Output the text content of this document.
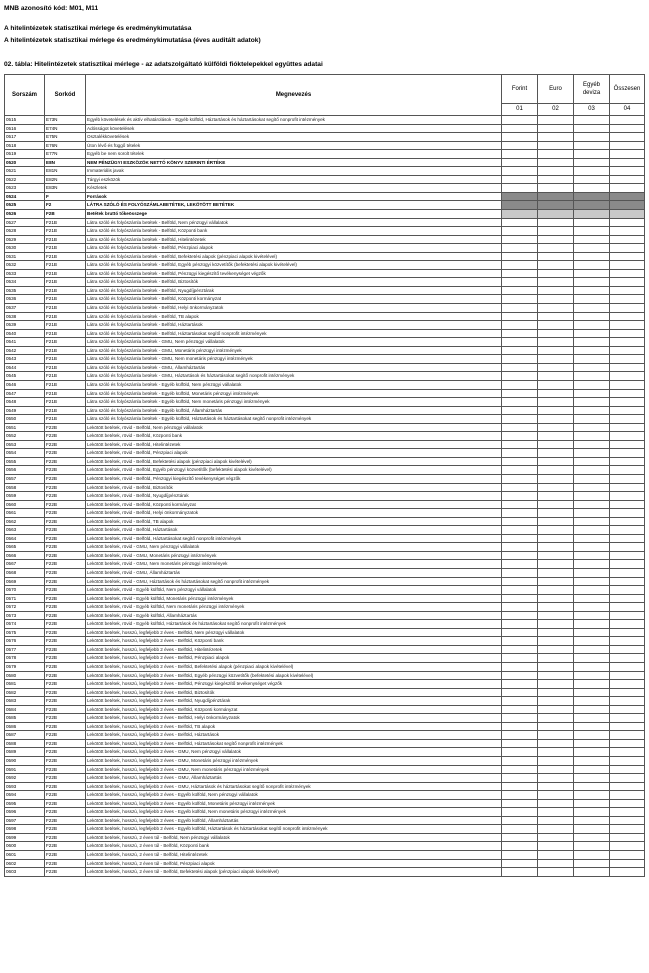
MNB azonosító kód: M01, M11
A hitelintézetek statisztikai mérlege és eredménykimutatása
A hitelintézetek statisztikai mérlege és eredménykimutatása (éves auditált adatok)
02. tábla: Hitelintézetek statisztikai mérlege - az adatszolgáltató külföldi fióktelepekkel együttes adatai
Sorszám	Sorkód	Megnevezés	Forint	Euro	Egyéb deviza	Összesen
			01	02	03	04
0515	E73N	Egyéb követelések és aktív elhatárolások - Egyéb külföld, Háztartások és háztartásokat segítő nonprofit intézmények				
0516	E74N	Adósságot követelések				
0517	E75N	Osztalékkövetelések				
0518	E76N	Úton lévő és függő tételek				
0519	E77N	Egyéb be nem sorolt tételek				
0520	E8N	NEM PÉNZÜGYI ESZKÖZÖK NETTÓ KÖNYV SZERINTI ÉRTÉKE				
0521	E81N	Immateriális javak				
0522	E82N	Tárgyi eszközök				
0523	E83N	Készletek				
0524	F	Források				
0525	F2	LÁTRA SZÓLÓ ÉS FOLYÓSZÁMLABETÉTEK, LEKÖTÖTT BETÉTEK				
0526	F2B	Betétek bruttó tőkeösszege				
0527	F21B	Látra szóló és folyószámla betétek - Belföld, Nem pénzügyi vállalatok				
0528	F21B	Látra szóló és folyószámla betétek - Belföld, Központi bank				
0529	F21B	Látra szóló és folyószámla betétek - Belföld, Hitelintézetek				
0530	F21B	Látra szóló és folyószámla betétek - Belföld, Pénzpiaci alapok				
0531	F21B	Látra szóló és folyószámla betétek - Belföld, Befektetési alapok (pénzpiaci alapok kivételével)				
0532	F21B	Látra szóló és folyószámla betétek - Belföld, Egyéb pénzügyi közvetítők (befektetési alapok kivételével)				
0533	F21B	Látra szóló és folyószámla betétek - Belföld, Pénzügyi kiegészítő tevékenységet végzők				
0534	F21B	Látra szóló és folyószámla betétek - Belföld, Biztosítók				
0535	F21B	Látra szóló és folyószámla betétek - Belföld, Nyugdíjpénztárak				
0536	F21B	Látra szóló és folyószámla betétek - Belföld, Központi kormányzat				
0537	F21B	Látra szóló és folyószámla betétek - Belföld, Helyi önkormányzatok				
0538	F21B	Látra szóló és folyószámla betétek - Belföld, TB alapok				
0539	F21B	Látra szóló és folyószámla betétek - Belföld, Háztartások				
0540	F21B	Látra szóló és folyószámla betétek - Belföld, Háztartásokat segítő nonprofit intézmények				
0541	F21B	Látra szóló és folyószámla betétek - GMU, Nem pénzügyi vállalatok				
0542	F21B	Látra szóló és folyószámla betétek - GMU, Monetáris pénzügyi intézmények				
0543	F21B	Látra szóló és folyószámla betétek - GMU, Nem monetáris pénzügyi intézmények				
0544	F21B	Látra szóló és folyószámla betétek - GMU, Államháztartás				
0545	F21B	Látra szóló és folyószámla betétek - GMU, Háztartások és háztartásokat segítő nonprofit intézmények				
0546	F21B	Látra szóló és folyószámla betétek - Egyéb külföld, Nem pénzügyi vállalatok				
0547	F21B	Látra szóló és folyószámla betétek - Egyéb külföld, Monetáris pénzügyi intézmények				
0548	F21B	Látra szóló és folyószámla betétek - Egyéb külföld, Nem monetáris pénzügyi intézmények				
0549	F21B	Látra szóló és folyószámla betétek - Egyéb külföld, Államháztartás				
0550	F21B	Látra szóló és folyószámla betétek - Egyéb külföld, Háztartások és háztartásokat segítő nonprofit intézmények				
0551	F22B	Lekötött betétek, rövid - Belföld, Nem pénzügyi vállalatok				
0552	F22B	Lekötött betétek, rövid - Belföld, Központi bank				
0553	F22B	Lekötött betétek, rövid - Belföld, Hitelintézetek				
0554	F22B	Lekötött betétek, rövid - Belföld, Pénzpiaci alapok				
0555	F22B	Lekötött betétek, rövid - Belföld, Befektetési alapok (pénzpiaci alapok kivételével)				
0556	F22B	Lekötött betétek, rövid - Belföld, Egyéb pénzügyi közvetítők (befektetési alapok kivételével)				
0557	F22B	Lekötött betétek, rövid - Belföld, Pénzügyi kiegészítő tevékenységet végzők				
0558	F22B	Lekötött betétek, rövid - Belföld, Biztosítók				
0559	F22B	Lekötött betétek, rövid - Belföld, Nyugdíjpénztárak				
0560	F22B	Lekötött betétek, rövid - Belföld, Központi kormányzat				
0561	F22B	Lekötött betétek, rövid - Belföld, Helyi önkormányzatok				
0562	F22B	Lekötött betétek, rövid - Belföld, TB alapok				
0563	F22B	Lekötött betétek, rövid - Belföld, Háztartások				
0564	F22B	Lekötött betétek, rövid - Belföld, Háztartásokat segítő nonprofit intézmények				
0565	F22B	Lekötött betétek, rövid - GMU, Nem pénzügyi vállalatok				
0566	F22B	Lekötött betétek, rövid - GMU, Monetáris pénzügyi intézmények				
0567	F22B	Lekötött betétek, rövid - GMU, Nem monetáris pénzügyi intézmények				
0568	F22B	Lekötött betétek, rövid - GMU, Államháztartás				
0569	F22B	Lekötött betétek, rövid - GMU, Háztartások és háztartásokat segítő nonprofit intézmények				
0570	F22B	Lekötött betétek, rövid - Egyéb külföld, Nem pénzügyi vállalatok				
0571	F22B	Lekötött betétek, rövid - Egyéb külföld, Monetáris pénzügyi intézmények				
0572	F22B	Lekötött betétek, rövid - Egyéb külföld, Nem monetáris pénzügyi intézmények				
0573	F22B	Lekötött betétek, rövid - Egyéb külföld, Államháztartás				
0574	F22B	Lekötött betétek, rövid - Egyéb külföld, Háztartások és háztartásokat segítő nonprofit intézmények				
0575	F22B	Lekötött betétek, hosszú, legfeljebb 2 éves - Belföld, Nem pénzügyi vállalatok				
0576	F22B	Lekötött betétek, hosszú, legfeljebb 2 éves - Belföld, Központi bank				
0577	F22B	Lekötött betétek, hosszú, legfeljebb 2 éves - Belföld, Hitelintézetek				
0578	F22B	Lekötött betétek, hosszú, legfeljebb 2 éves - Belföld, Pénzpiaci alapok				
0579	F22B	Lekötött betétek, hosszú, legfeljebb 2 éves - Belföld, Befektetési alapok (pénzpiaci alapok kivételével)				
0580	F22B	Lekötött betétek, hosszú, legfeljebb 2 éves - Belföld, Egyéb pénzügyi közvetítők (befektetési alapok kivételével)				
0581	F22B	Lekötött betétek, hosszú, legfeljebb 2 éves - Belföld, Pénzügyi kiegészítő tevékenységet végzők				
0582	F22B	Lekötött betétek, hosszú, legfeljebb 2 éves - Belföld, Biztosítók				
0583	F22B	Lekötött betétek, hosszú, legfeljebb 2 éves - Belföld, Nyugdíjpénztárak				
0584	F22B	Lekötött betétek, hosszú, legfeljebb 2 éves - Belföld, Központi kormányzat				
0585	F22B	Lekötött betétek, hosszú, legfeljebb 2 éves - Belföld, Helyi önkormányzatok				
0586	F22B	Lekötött betétek, hosszú, legfeljebb 2 éves - Belföld, TB alapok				
0587	F22B	Lekötött betétek, hosszú, legfeljebb 2 éves - Belföld, Háztartások				
0588	F22B	Lekötött betétek, hosszú, legfeljebb 2 éves - Belföld, Háztartásokat segítő nonprofit intézmények				
0589	F22B	Lekötött betétek, hosszú, legfeljebb 2 éves - GMU, Nem pénzügyi vállalatok				
0590	F22B	Lekötött betétek, hosszú, legfeljebb 2 éves - GMU, Monetáris pénzügyi intézmények				
0591	F22B	Lekötött betétek, hosszú, legfeljebb 2 éves - GMU, Nem monetáris pénzügyi intézmények				
0592	F22B	Lekötött betétek, hosszú, legfeljebb 2 éves - GMU, Államháztartás				
0593	F22B	Lekötött betétek, hosszú, legfeljebb 2 éves - GMU, Háztartások és háztartásokat segítő nonprofit intézmények				
0594	F22B	Lekötött betétek, hosszú, legfeljebb 2 éves - Egyéb külföld, Nem pénzügyi vállalatok				
0595	F22B	Lekötött betétek, hosszú, legfeljebb 2 éves - Egyéb külföld, Monetáris pénzügyi intézmények				
0596	F22B	Lekötött betétek, hosszú, legfeljebb 2 éves - Egyéb külföld, Nem monetáris pénzügyi intézmények				
0597	F22B	Lekötött betétek, hosszú, legfeljebb 2 éves - Egyéb külföld, Államháztartás				
0598	F22B	Lekötött betétek, hosszú, legfeljebb 2 éves - Egyéb külföld, Háztartások és háztartásokat segítő nonprofit intézmények				
0599	F22B	Lekötött betétek, hosszú, 2 éven túl - Belföld, Nem pénzügyi vállalatok				
0600	F22B	Lekötött betétek, hosszú, 2 éven túl - Belföld, Központi bank				
0601	F22B	Lekötött betétek, hosszú, 2 éven túl - Belföld, Hitelintézetek				
0602	F22B	Lekötött betétek, hosszú, 2 éven túl - Belföld, Pénzpiaci alapok				
0603	F22B	Lekötött betétek, hosszú, 2 éven túl - Belföld, Befektetési alapok (pénzpiaci alapok kivételével)				
